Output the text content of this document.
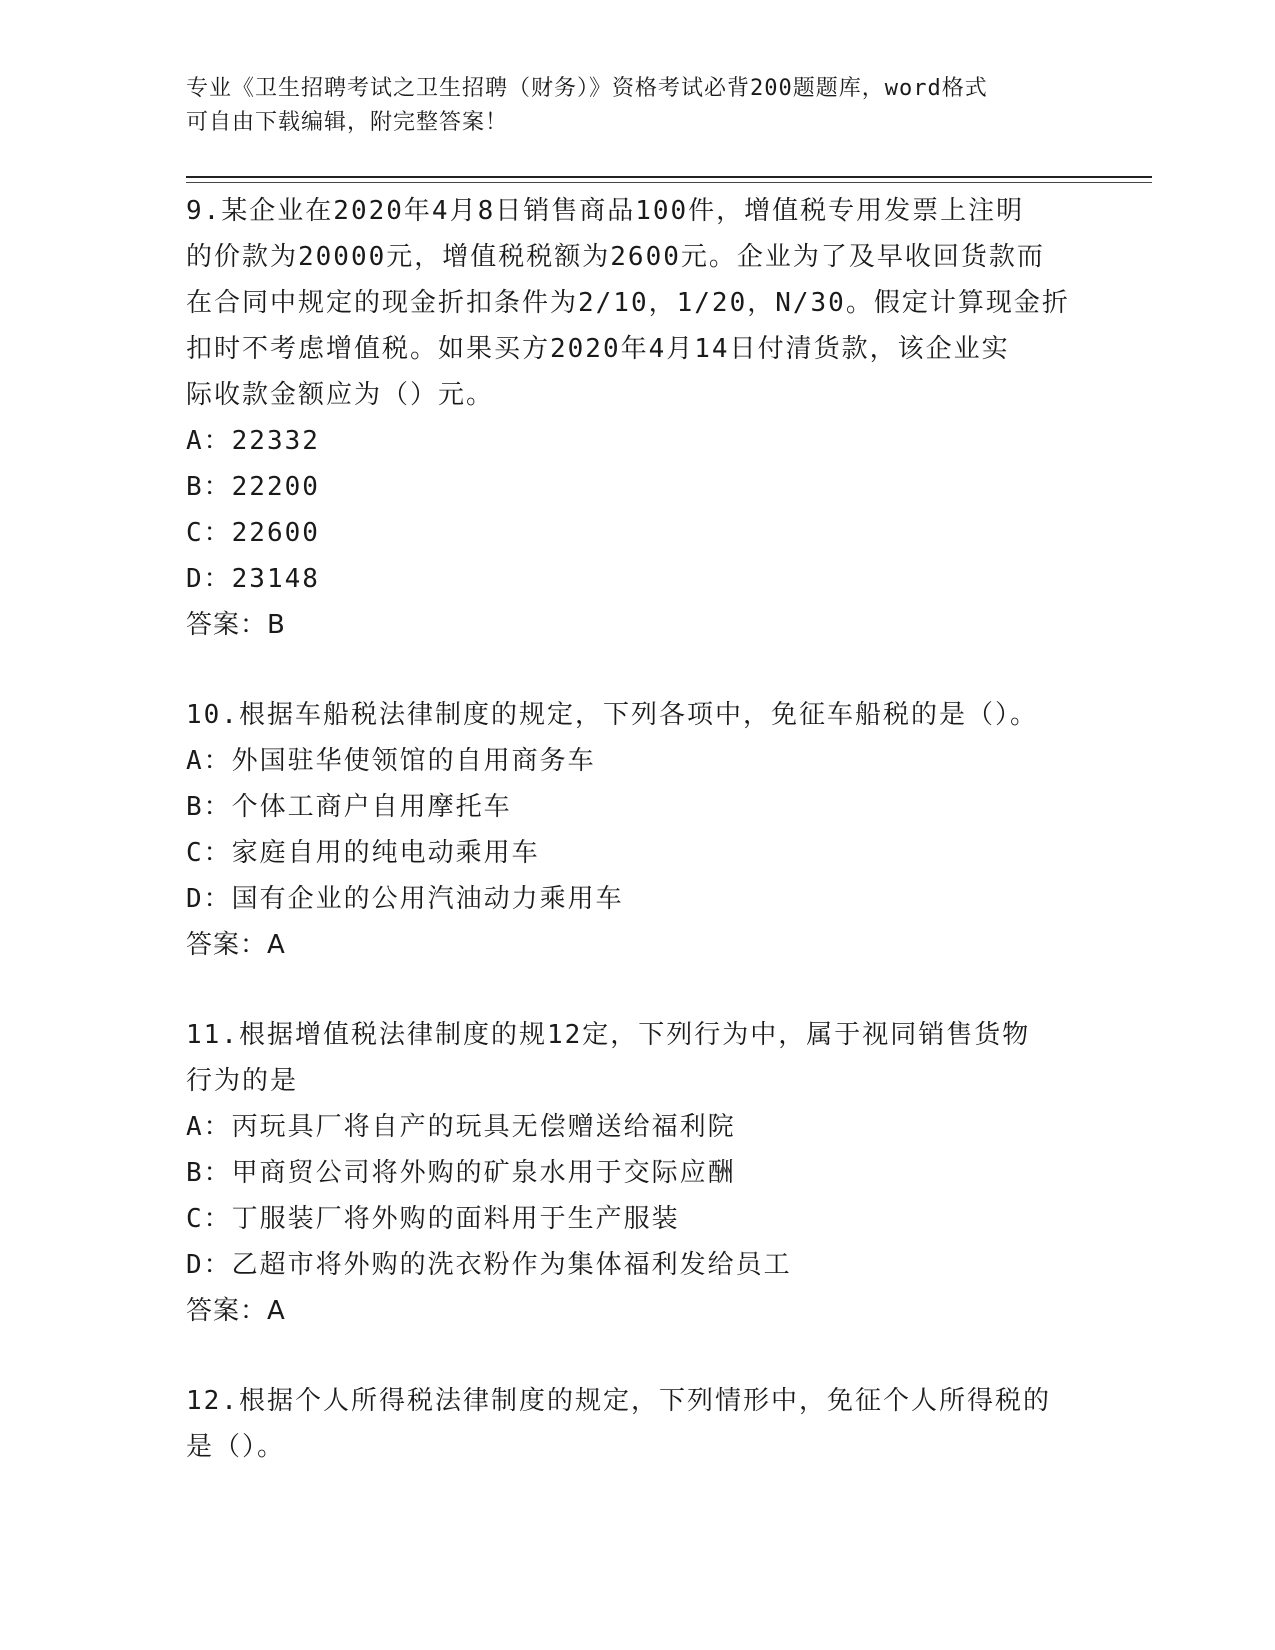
专业《卫生招聘考试之卫生招聘（财务）》资格考试必背200题题库，word格式
可自由下载编辑，附完整答案！
9.某企业在2020年4月8日销售商品100件，增值税专用发票上注明
的价款为20000元，增值税税额为2600元。企业为了及早收回货款而
在合同中规定的现金折扣条件为2/10，1/20，N/30。假定计算现金折
扣时不考虑增值税。如果买方2020年4月14日付清货款，该企业实
际收款金额应为（）元。
A：22332
B：22200
C：22600
D：23148
答案：B
10.根据车船税法律制度的规定，下列各项中，免征车船税的是（）。
A：外国驻华使领馆的自用商务车
B：个体工商户自用摩托车
C：家庭自用的纯电动乘用车
D：国有企业的公用汽油动力乘用车
答案：A
11.根据增值税法律制度的规12定，下列行为中，属于视同销售货物
行为的是
A：丙玩具厂将自产的玩具无偿赠送给福利院
B：甲商贸公司将外购的矿泉水用于交际应酬
C：丁服装厂将外购的面料用于生产服装
D：乙超市将外购的洗衣粉作为集体福利发给员工
答案：A
12.根据个人所得税法律制度的规定，下列情形中，免征个人所得税的
是（）。
